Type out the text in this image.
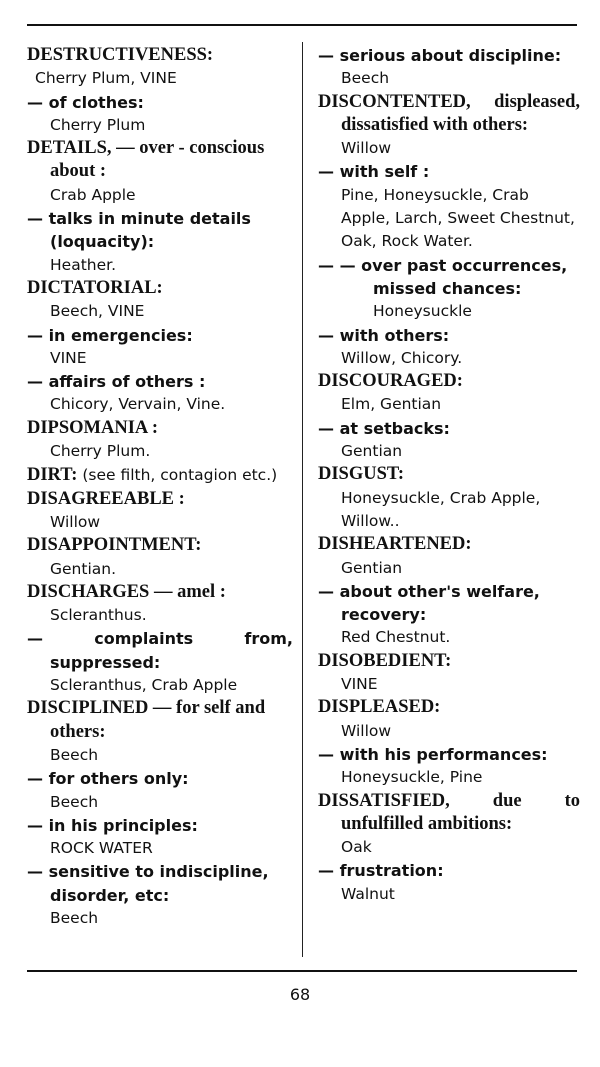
DESTRUCTIVENESS:

Cherry Plum, VINE

— of clothes:

Cherry Plum

DETAILS, — over - conscious about :

Crab Apple

— talks in minute details (loquacity):

Heather.

DICTATORIAL:

Beech, VINE

— in emergencies:

VINE

— affairs of others :

Chicory, Vervain, Vine.

DIPSOMANIA :

Cherry Plum.

DIRT: (see filth, contagion etc.)

DISAGREEABLE :

Willow

DISAPPOINTMENT:

Gentian.

DISCHARGES — amel :

Scleranthus.

— complaints from, suppressed:

Scleranthus, Crab Apple

DISCIPLINED — for self and others:

Beech

— for others only:

Beech

— in his principles:

ROCK WATER

— sensitive to indiscipline, disorder, etc:

Beech

— serious about discipline:

Beech

DISCONTENTED, displeased, dissatisfied with others:

Willow

— with self :

Pine, Honeysuckle, Crab Apple, Larch, Sweet Chestnut, Oak, Rock Water.

— — over past occurrences, missed chances:

Honeysuckle

— with others:

Willow, Chicory.

DISCOURAGED:

Elm, Gentian

— at setbacks:

Gentian

DISGUST:

Honeysuckle, Crab Apple, Willow..

DISHEARTENED:

Gentian

— about other's welfare, recovery:

Red Chestnut.

DISOBEDIENT:

VINE

DISPLEASED:

Willow

— with his performances:

Honeysuckle, Pine

DISSATISFIED, due to unfulfilled ambitions:

Oak

— frustration:

Walnut

68
